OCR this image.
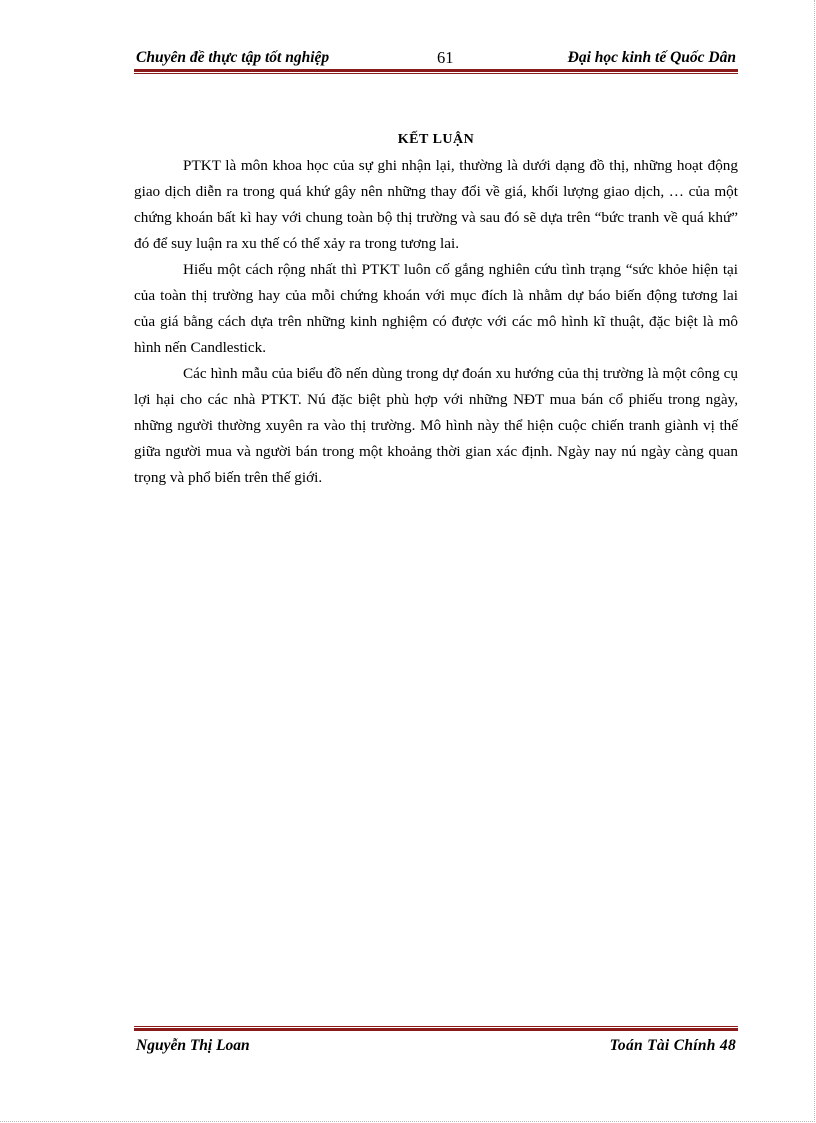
Chuyên đề thực tập tốt nghiệp	61	Đại học kinh tế Quốc Dân
KẾT LUẬN

PTKT là môn khoa học của sự ghi nhận lại, thường là dưới dạng đồ thị, những hoạt động giao dịch diễn ra trong quá khứ gây nên những thay đổi về giá, khối lượng giao dịch, … của một chứng khoán bất kì hay với chung toàn bộ thị trường và sau đó sẽ dựa trên “bức tranh về quá khứ” đó để suy luận ra xu thế có thể xảy ra trong tương lai.

Hiểu một cách rộng nhất thì PTKT luôn cố gắng nghiên cứu tình trạng “sức khỏe hiện tại của toàn thị trường hay của mỗi chứng khoán với mục đích là nhằm dự báo biến động tương lai của giá bằng cách dựa trên những kinh nghiệm có được với các mô hình kĩ thuật, đặc biệt là mô hình nến Candlestick.

Các hình mẫu của biểu đồ nến dùng trong dự đoán xu hướng của thị trường là một công cụ lợi hại cho các nhà PTKT. Nú đặc biệt phù hợp với những NĐT mua bán cổ phiếu trong ngày, những người thường xuyên ra vào thị trường. Mô hình này thể hiện cuộc chiến tranh giành vị thế giữa người mua và người bán trong một khoảng thời gian xác định. Ngày nay nú ngày càng quan trọng và phổ biến trên thế giới.

Nguyễn Thị Loan	Toán Tài Chính 48
